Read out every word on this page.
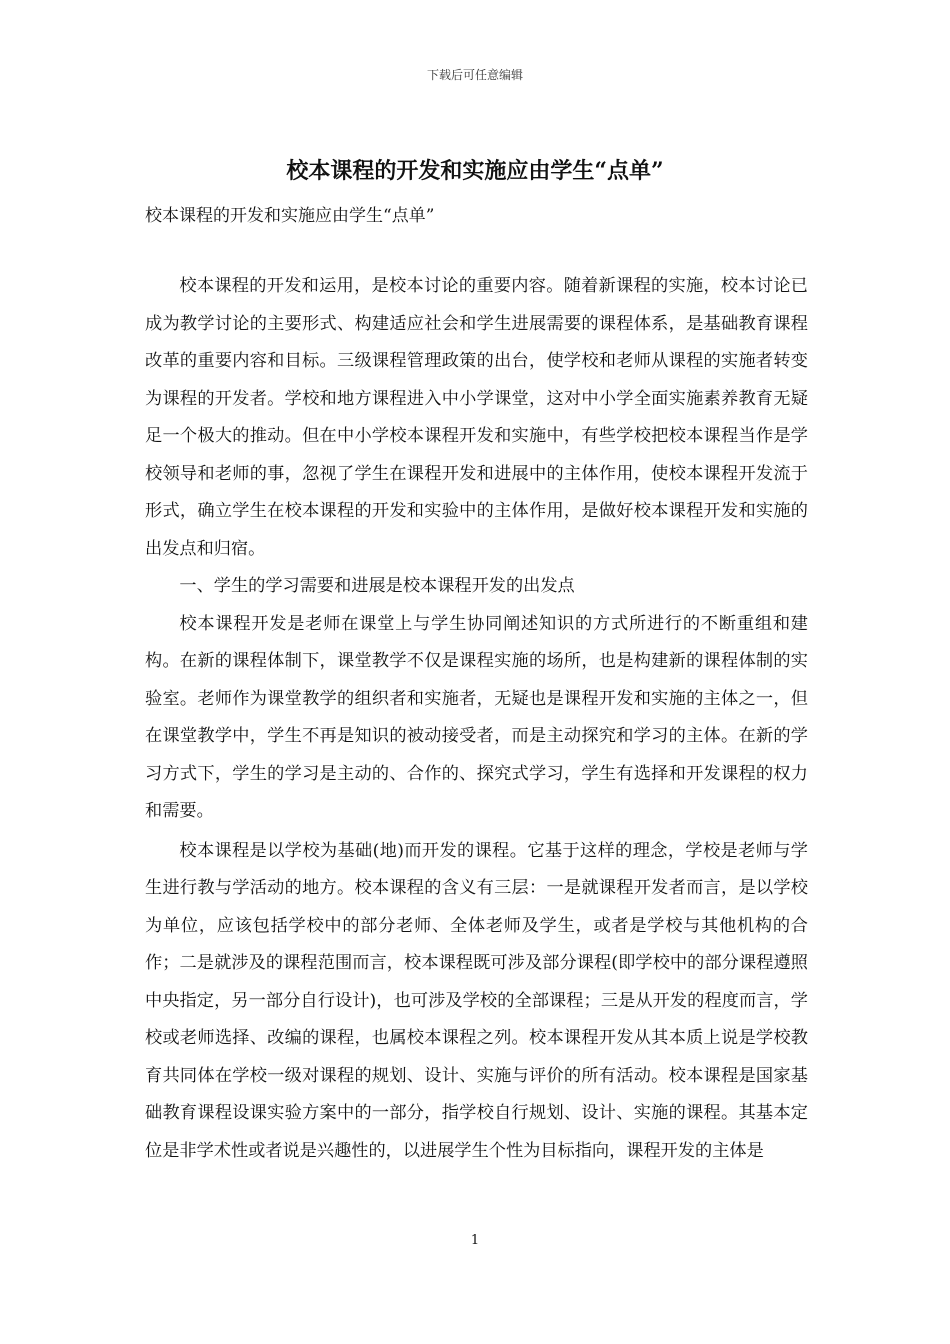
下载后可任意编辑
校本课程的开发和实施应由学生“点单”

校本课程的开发和实施应由学生“点单”

校本课程的开发和运用，是校本讨论的重要内容。随着新课程的实施，校本讨论已成为教学讨论的主要形式、构建适应社会和学生进展需要的课程体系，是基础教育课程改革的重要内容和目标。三级课程管理政策的出台，使学校和老师从课程的实施者转变为课程的开发者。学校和地方课程进入中小学课堂，这对中小学全面实施素养教育无疑足一个极大的推动。但在中小学校本课程开发和实施中，有些学校把校本课程当作是学校领导和老师的事，忽视了学生在课程开发和进展中的主体作用，使校本课程开发流于形式，确立学生在校本课程的开发和实验中的主体作用，是做好校本课程开发和实施的出发点和归宿。

一、学生的学习需要和进展是校本课程开发的出发点

校本课程开发是老师在课堂上与学生协同阐述知识的方式所进行的不断重组和建构。在新的课程体制下，课堂教学不仅是课程实施的场所，也是构建新的课程体制的实验室。老师作为课堂教学的组织者和实施者，无疑也是课程开发和实施的主体之一，但在课堂教学中，学生不再是知识的被动接受者，而是主动探究和学习的主体。在新的学习方式下，学生的学习是主动的、合作的、探究式学习，学生有选择和开发课程的权力和需要。

校本课程是以学校为基础(地)而开发的课程。它基于这样的理念，学校是老师与学生进行教与学活动的地方。校本课程的含义有三层：一是就课程开发者而言，是以学校为单位，应该包括学校中的部分老师、全体老师及学生，或者是学校与其他机构的合作；二是就涉及的课程范围而言，校本课程既可涉及部分课程(即学校中的部分课程遵照中央指定，另一部分自行设计)，也可涉及学校的全部课程；三是从开发的程度而言，学校或老师选择、改编的课程，也属校本课程之列。校本课程开发从其本质上说是学校教育共同体在学校一级对课程的规划、设计、实施与评价的所有活动。校本课程是国家基础教育课程设课实验方案中的一部分，指学校自行规划、设计、实施的课程。其基本定位是非学术性或者说是兴趣性的，以进展学生个性为目标指向，课程开发的主体是

1
